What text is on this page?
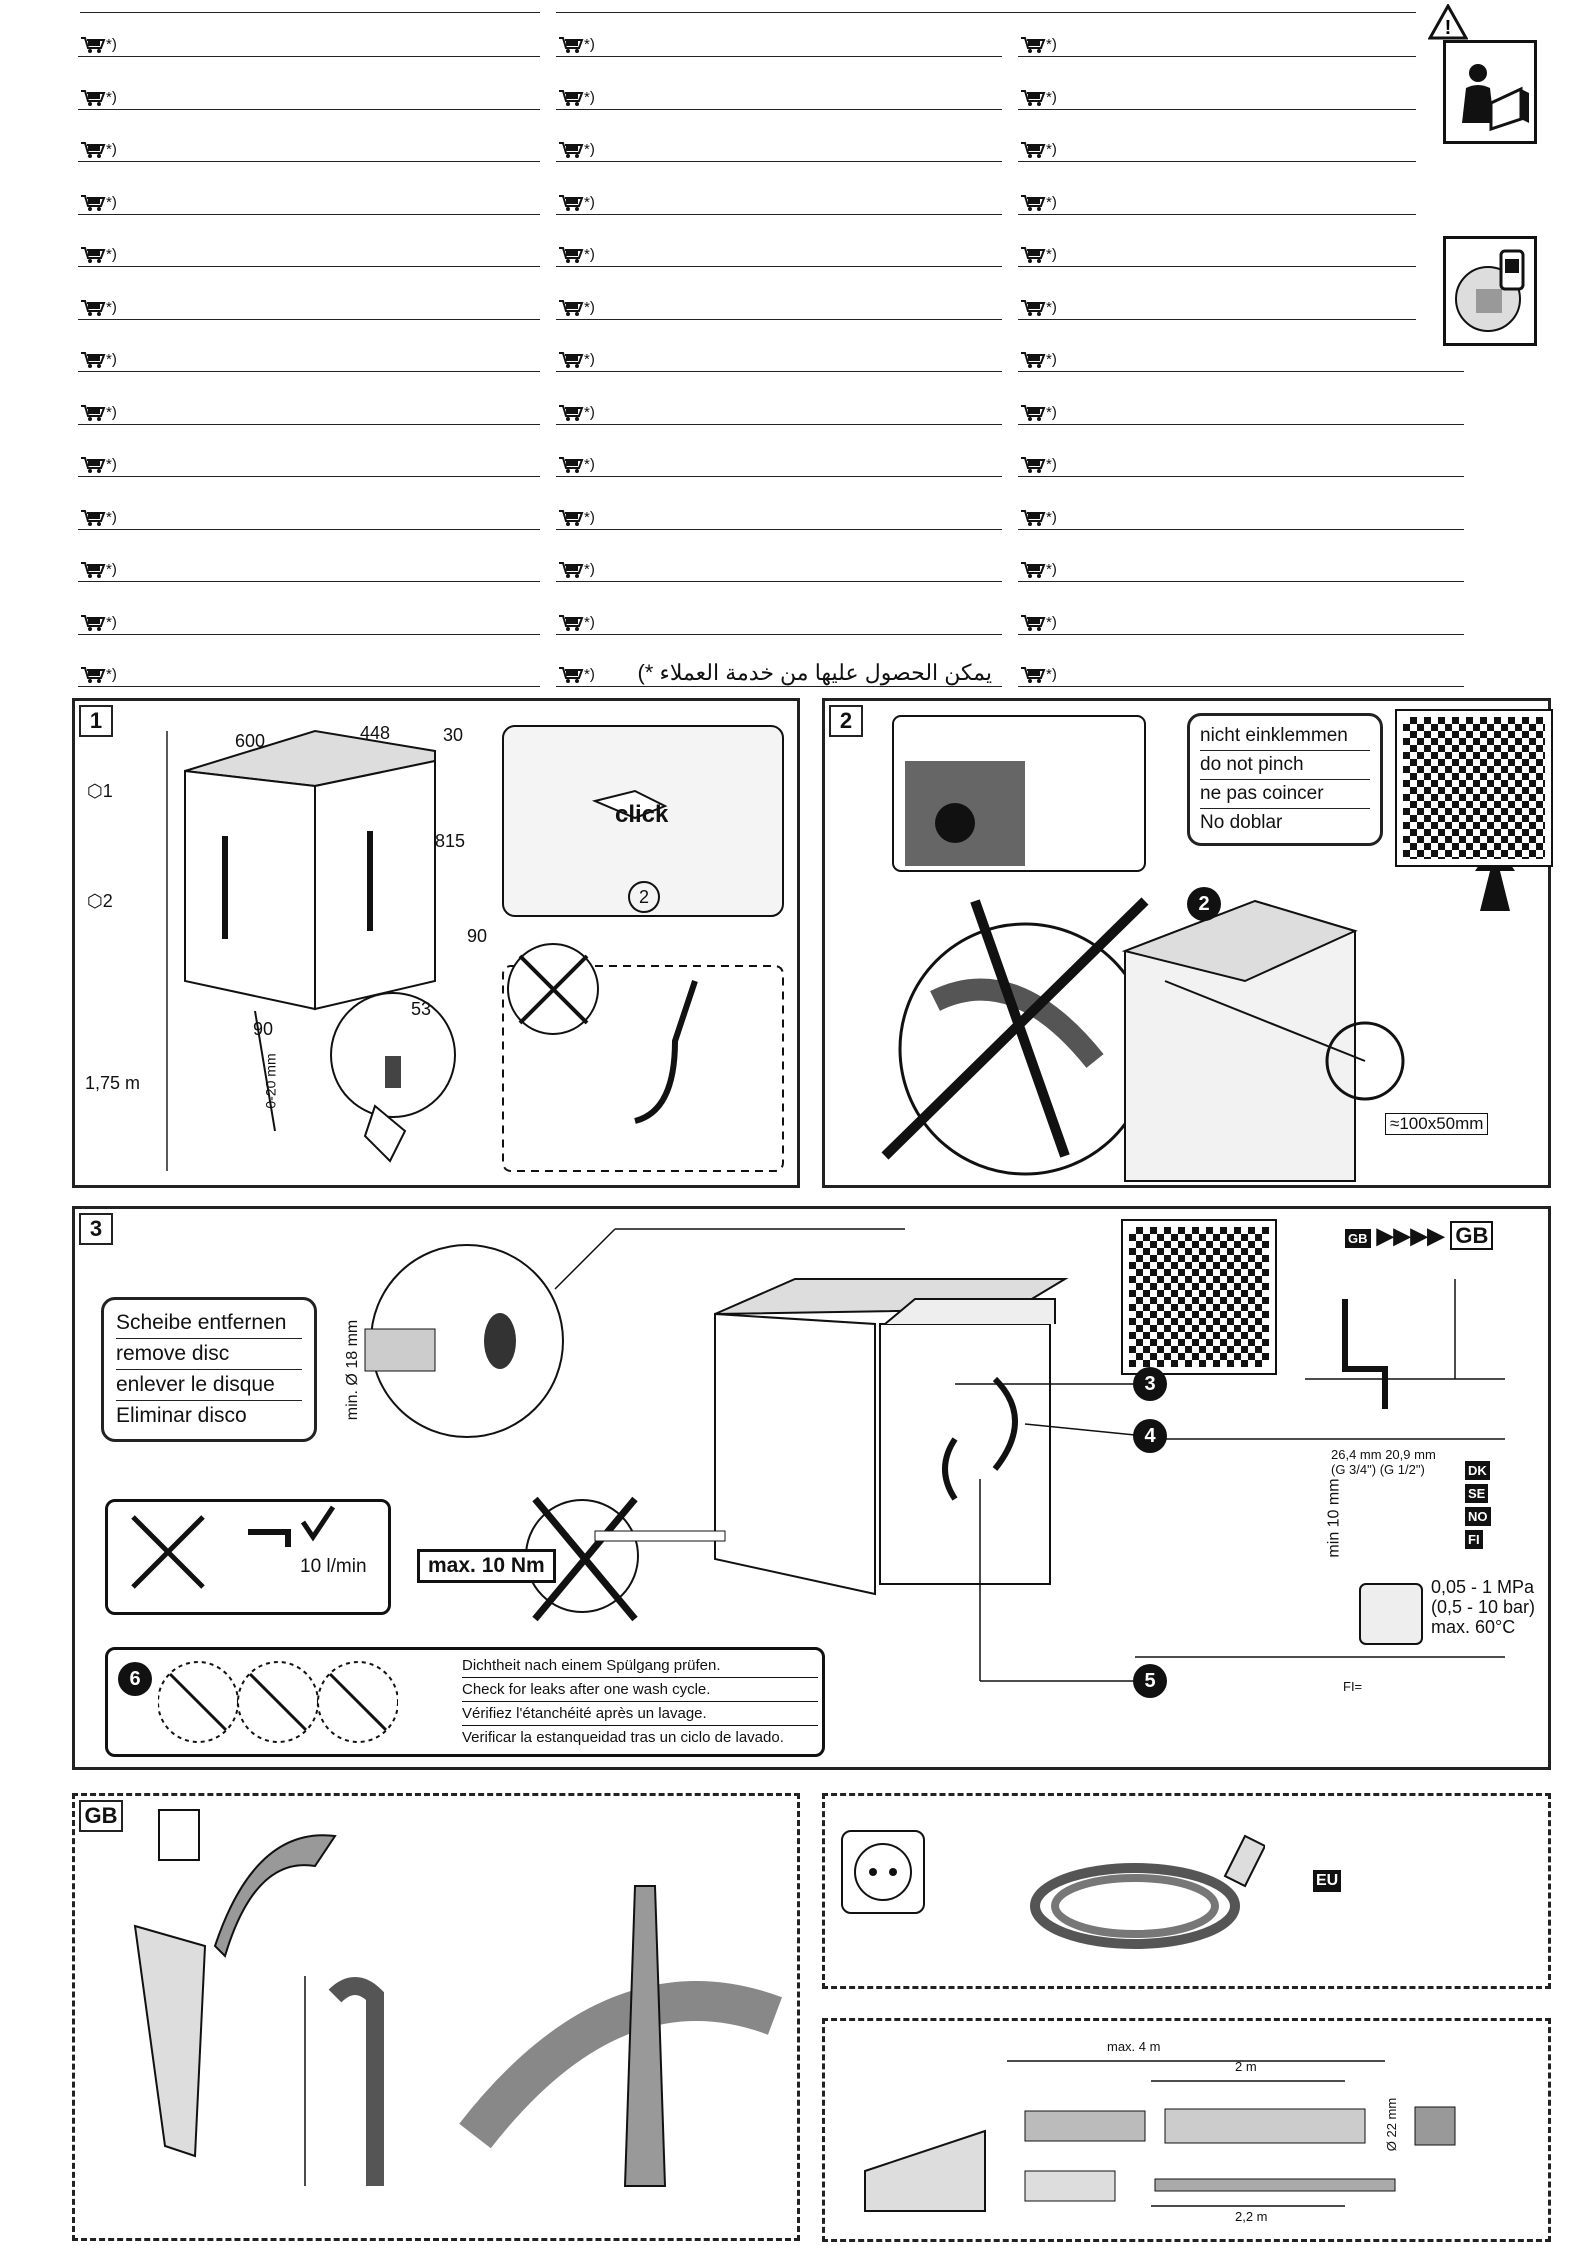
*)	*)	*)
*)	*)	*)
*)	*)	*)
*)	*)	*)
*)	*)	*)
*)	*)	*)
*)	*)	*)
*)	*)	*)
*)	*)	*)
*)	*)	*)
*)	*)	*)
*)	*)	*)
*)	*)	*)
يمكن الحصول عليها من خدمة العملاء *)
!
1
600	448	30
815
90
90
53
0-20 mm
⬡1
⬡2
1,75 m
click
2
2
nicht einklemmen
do not pinch
ne pas coincer
No doblar
2
≈100x50mm
3
Scheibe entfernen
remove disc
enlever le disque
Eliminar disco	min. Ø 18 mm
GB ▶▶▶▶ GB
3
4
5
26,4 mm 20,9 mm
(G 3/4") (G 1/2")
min 10 mm
DK SE NO FI
0,05 - 1 MPa
(0,5 - 10 bar)
max. 60°C
FI=
10 l/min	max. 10 Nm
6
Dichtheit nach einem Spülgang prüfen.
Check for leaks after one wash cycle.
Vérifiez l'étanchéité après un lavage.
Verificar la estanqueidad tras un ciclo de lavado.
GB
EU
max. 4 m
2 m
2,2 m
Ø 22 mm
